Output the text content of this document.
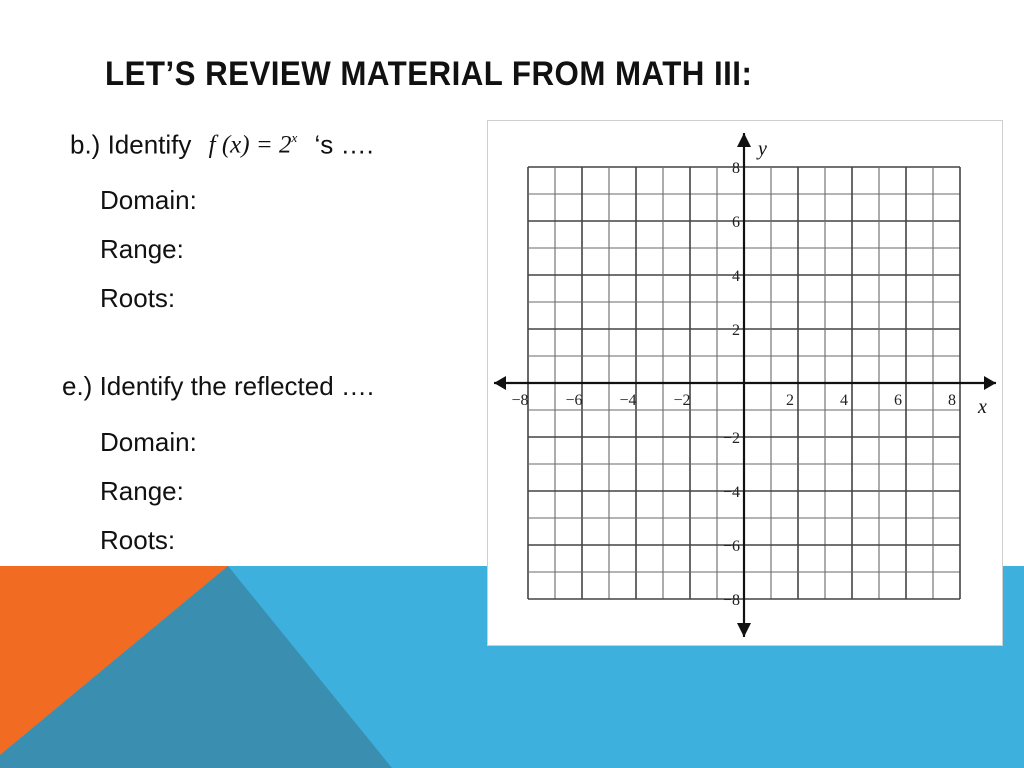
LET’S REVIEW MATERIAL FROM MATH III:
b.) Identify f $(x) = 2^x$ ‘s ….
Domain:
Range:
Roots:
e.) Identify the reflected ….
Domain:
Range:
Roots:
x
y
−8 −6 −4 −2	2	4	6	8
8
6
4
2
−2
−4
−6
−8
